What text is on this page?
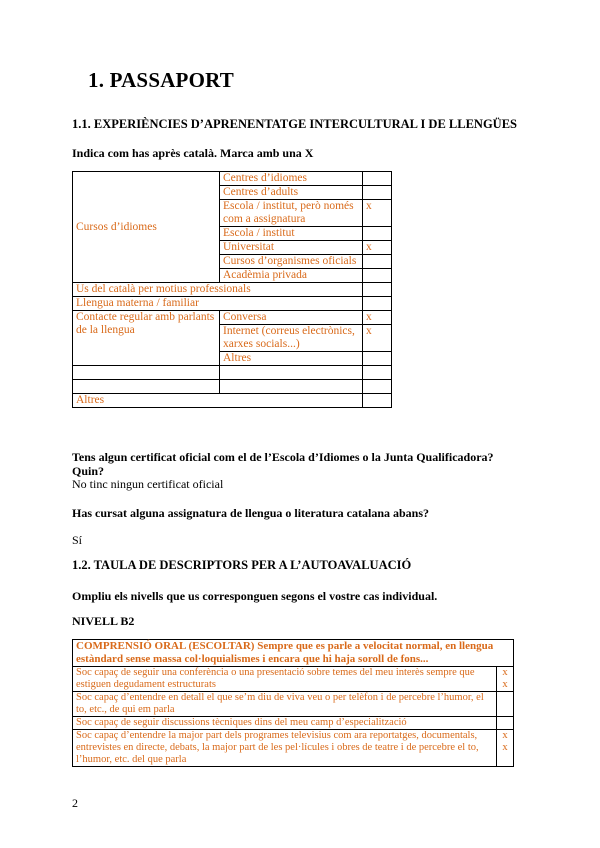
1. PASSAPORT
1.1. EXPERIÈNCIES D’APRENENTATGE INTERCULTURAL I DE LLENGÜES

Indica com has après català. Marca amb una X

Cursos d’idiomes	Centres d’idiomes	
	Centres d’adults	
	Escola / institut, però només com a assignatura	x
	Escola / institut	
	Universitat	x
	Cursos d’organismes oficials	
	Acadèmia privada	
Us del català per motius professionals		
Llengua materna / familiar		
Contacte regular amb parlants de la llengua	Conversa	x
	Internet (correus electrònics, xarxes socials...)	x
	Altres	

Altres		

Tens algun certificat oficial com el de l’Escola d’Idiomes o la Junta Qualificadora? Quin?

No tinc ningun certificat oficial

Has cursat alguna assignatura de llengua o literatura catalana abans?

Sí

1.2. TAULA DE DESCRIPTORS PER A L’AUTOAVALUACIÓ

Ompliu els nivells que us corresponguen segons el vostre cas individual.

NIVELL B2

COMPRENSIÓ ORAL (ESCOLTAR) Sempre que es parle a velocitat normal, en llengua estàndard sense massa col·loquialismes i encara que hi haja soroll de fons...	
Soc capaç de seguir una conferència o una presentació sobre temes del meu interès sempre que estiguen degudament estructurats	x
x
Soc capaç d’entendre en detall el que se’m diu de viva veu o per telèfon i de percebre l’humor, el to, etc., de qui em parla	
Soc capaç de seguir discussions tècniques dins del meu camp d’especialització	
Soc capaç d’entendre la major part dels programes televisius com ara reportatges, documentals, entrevistes en directe, debats, la major part de les pel·lícules i obres de teatre i de percebre el to, l’humor, etc. del que parla	x
x
2
